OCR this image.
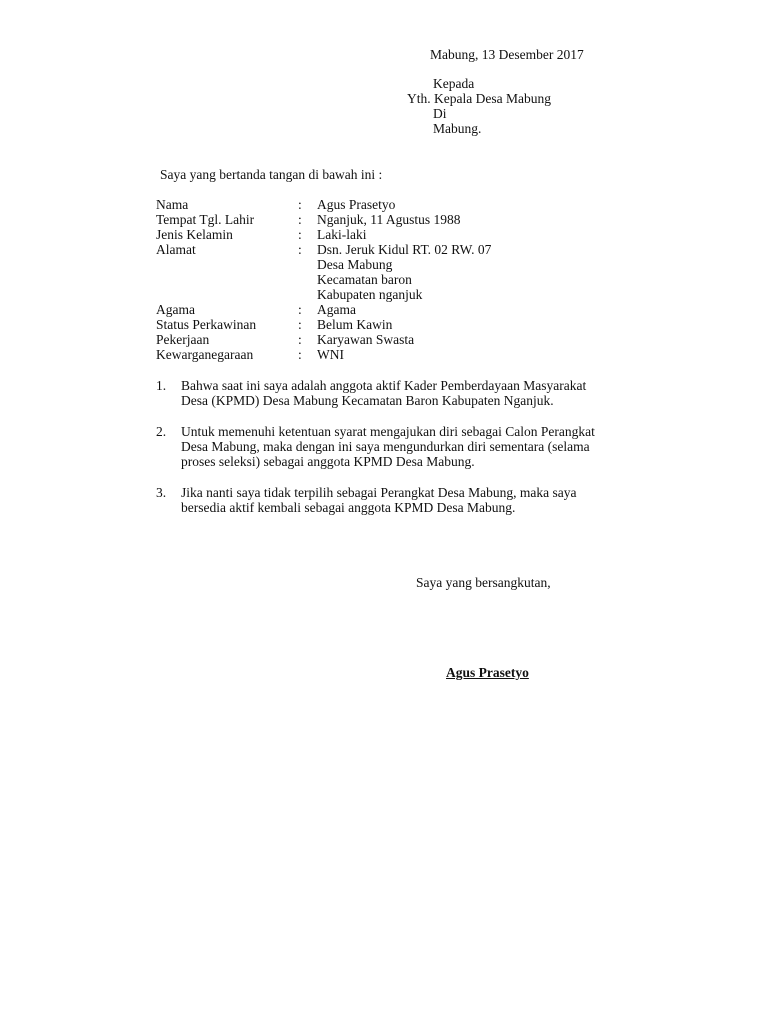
Mabung, 13 Desember 2017
Kepada
Yth. Kepala Desa Mabung
Di
Mabung.
Saya yang bertanda tangan di bawah ini :
Nama	: Agus Prasetyo
Tempat Tgl. Lahir	: Nganjuk, 11 Agustus 1988
Jenis Kelamin	: Laki-laki
Alamat	: Dsn. Jeruk Kidul RT. 02 RW. 07
Desa Mabung
Kecamatan baron
Kabupaten nganjuk
Agama	: Agama
Status Perkawinan	: Belum Kawin
Pekerjaan	: Karyawan Swasta
Kewarganegaraan	: WNI
1. Bahwa saat ini saya adalah anggota aktif Kader Pemberdayaan Masyarakat
Desa (KPMD) Desa Mabung Kecamatan Baron Kabupaten Nganjuk.
2. Untuk memenuhi ketentuan syarat mengajukan diri sebagai Calon Perangkat
Desa Mabung, maka dengan ini saya mengundurkan diri sementara (selama
proses seleksi) sebagai anggota KPMD Desa Mabung.
3. Jika nanti saya tidak terpilih sebagai Perangkat Desa Mabung, maka saya
bersedia aktif kembali sebagai anggota KPMD Desa Mabung.
Saya yang bersangkutan,
Agus Prasetyo
